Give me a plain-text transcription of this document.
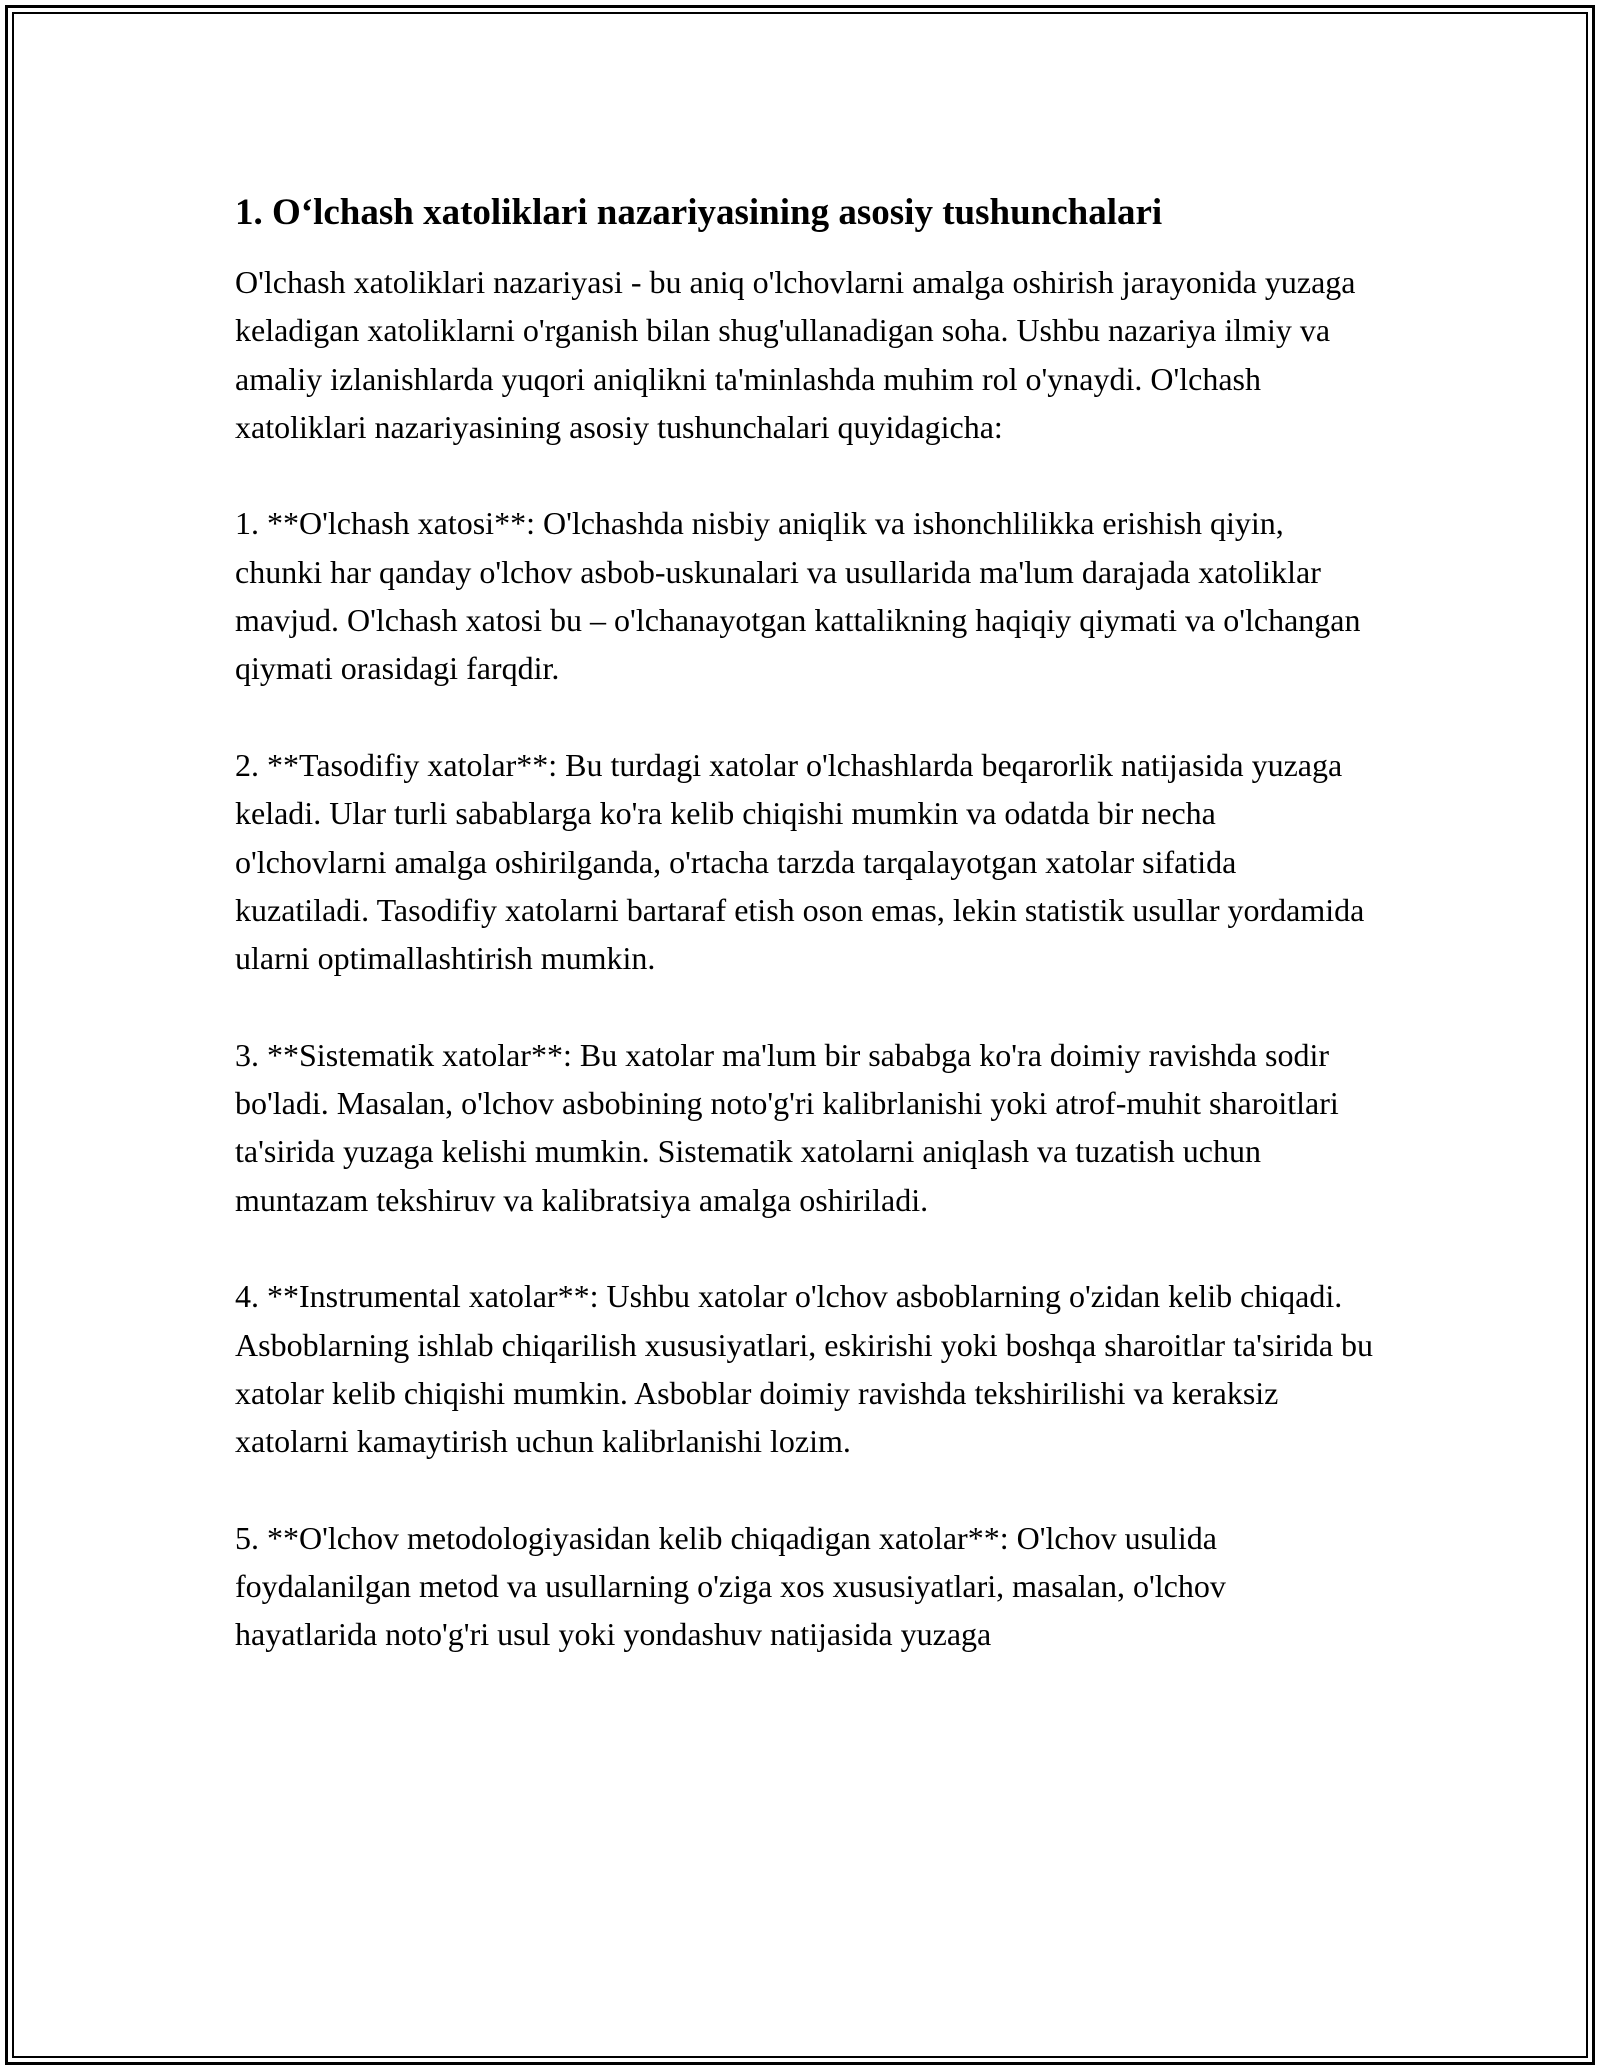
1. Oʻlchash xatoliklari nazariyasining asosiy tushunchalari

O'lchash xatoliklari nazariyasi - bu aniq o'lchovlarni amalga oshirish jarayonida yuzaga keladigan xatoliklarni o'rganish bilan shug'ullanadigan soha. Ushbu nazariya ilmiy va amaliy izlanishlarda yuqori aniqlikni ta'minlashda muhim rol o'ynaydi. O'lchash xatoliklari nazariyasining asosiy tushunchalari quyidagicha:

1. **O'lchash xatosi**: O'lchashda nisbiy aniqlik va ishonchlilikka erishish qiyin, chunki har qanday o'lchov asbob-uskunalari va usullarida ma'lum darajada xatoliklar mavjud. O'lchash xatosi bu – o'lchanayotgan kattalikning haqiqiy qiymati va o'lchangan qiymati orasidagi farqdir.

2. **Tasodifiy xatolar**: Bu turdagi xatolar o'lchashlarda beqarorlik natijasida yuzaga keladi. Ular turli sabablarga ko'ra kelib chiqishi mumkin va odatda bir necha o'lchovlarni amalga oshirilganda, o'rtacha tarzda tarqalayotgan xatolar sifatida kuzatiladi. Tasodifiy xatolarni bartaraf etish oson emas, lekin statistik usullar yordamida ularni optimallashtirish mumkin.

3. **Sistematik xatolar**: Bu xatolar ma'lum bir sababga ko'ra doimiy ravishda sodir bo'ladi. Masalan, o'lchov asbobining noto'g'ri kalibrlanishi yoki atrof-muhit sharoitlari ta'sirida yuzaga kelishi mumkin. Sistematik xatolarni aniqlash va tuzatish uchun muntazam tekshiruv va kalibratsiya amalga oshiriladi.

4. **Instrumental xatolar**: Ushbu xatolar o'lchov asboblarning o'zidan kelib chiqadi. Asboblarning ishlab chiqarilish xususiyatlari, eskirishi yoki boshqa sharoitlar ta'sirida bu xatolar kelib chiqishi mumkin. Asboblar doimiy ravishda tekshirilishi va keraksiz xatolarni kamaytirish uchun kalibrlanishi lozim.

5. **O'lchov metodologiyasidan kelib chiqadigan xatolar**: O'lchov usulida foydalanilgan metod va usullarning o'ziga xos xususiyatlari, masalan, o'lchov hayatlarida noto'g'ri usul yoki yondashuv natijasida yuzaga
